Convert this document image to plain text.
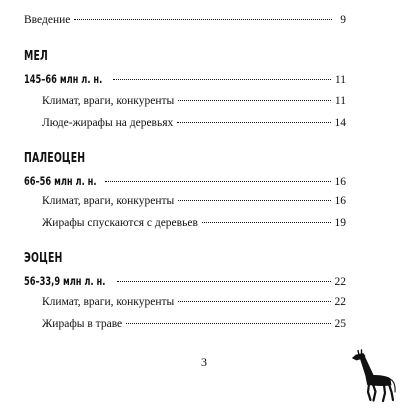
Введение	9
МЕЛ
145–66 млн л. н.	11
Климат, враги, конкуренты	11
Люде-жирафы на деревьях	14
ПАЛЕОЦЕН
66–56 млн л. н.	16
Климат, враги, конкуренты	16
Жирафы спускаются с деревьев	19
ЭОЦЕН
56–33,9 млн л. н.	22
Климат, враги, конкуренты	22
Жирафы в траве	25
3
